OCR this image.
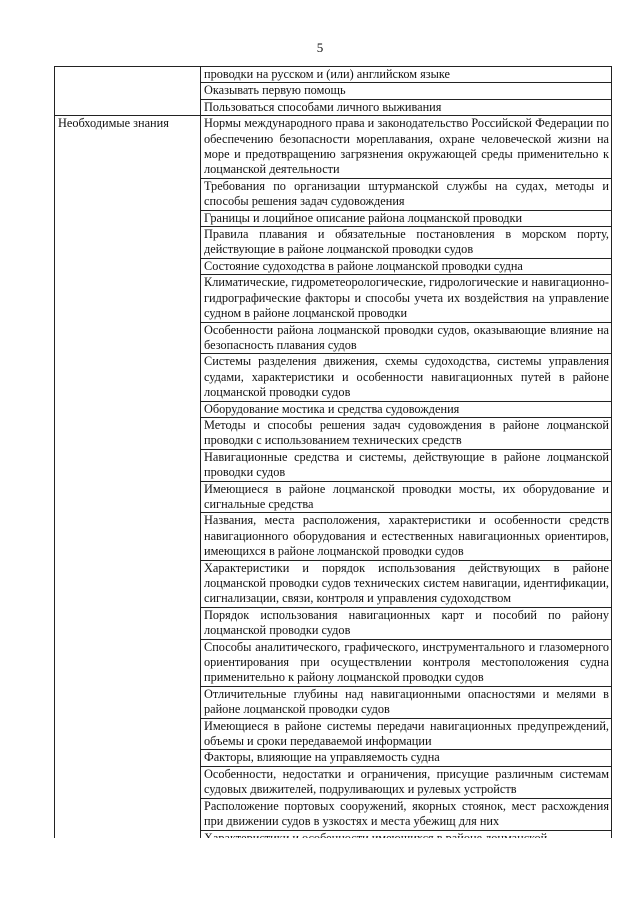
5

	проводки на русском и (или) английском языке

	Оказывать первую помощь

	Пользоваться способами личного выживания

Необходимые знания	Нормы международного права и законодательство Российской Федерации по обеспечению безопасности мореплавания, охране человеческой жизни на море и предотвращению загрязнения окружающей среды применительно к лоцманской деятельности

	Требования по организации штурманской службы на судах, методы и способы решения задач судовождения

	Границы и лоцийное описание района лоцманской проводки

	Правила плавания и обязательные постановления в морском порту, действующие в районе лоцманской проводки судов

	Состояние судоходства в районе лоцманской проводки судна

	Климатические, гидрометеорологические, гидрологические и навигационно-гидрографические факторы и способы учета их воздействия на управление судном в районе лоцманской проводки

	Особенности района лоцманской проводки судов, оказывающие влияние на безопасность плавания судов

	Системы разделения движения, схемы судоходства, системы управления судами, характеристики и особенности навигационных путей в районе лоцманской проводки судов

	Оборудование мостика и средства судовождения

	Методы и способы решения задач судовождения в районе лоцманской проводки с использованием технических средств

	Навигационные средства и системы, действующие в районе лоцманской проводки судов

	Имеющиеся в районе лоцманской проводки мосты, их оборудование и сигнальные средства

	Названия, места расположения, характеристики и особенности средств навигационного оборудования и естественных навигационных ориентиров, имеющихся в районе лоцманской проводки судов

	Характеристики и порядок использования действующих в районе лоцманской проводки судов технических систем навигации, идентификации, сигнализации, связи, контроля и управления судоходством

	Порядок использования навигационных карт и пособий по району лоцманской проводки судов

	Способы аналитического, графического, инструментального и глазомерного ориентирования при осуществлении контроля местоположения судна применительно к району лоцманской проводки судов

	Отличительные глубины над навигационными опасностями и мелями в районе лоцманской проводки судов

	Имеющиеся в районе системы передачи навигационных предупреждений, объемы и сроки передаваемой информации

	Факторы, влияющие на управляемость судна

	Особенности, недостатки и ограничения, присущие различным системам судовых движителей, подруливающих и рулевых устройств

	Расположение портовых сооружений, якорных стоянок, мест расхождения при движении судов в узкостях и места убежищ для них
